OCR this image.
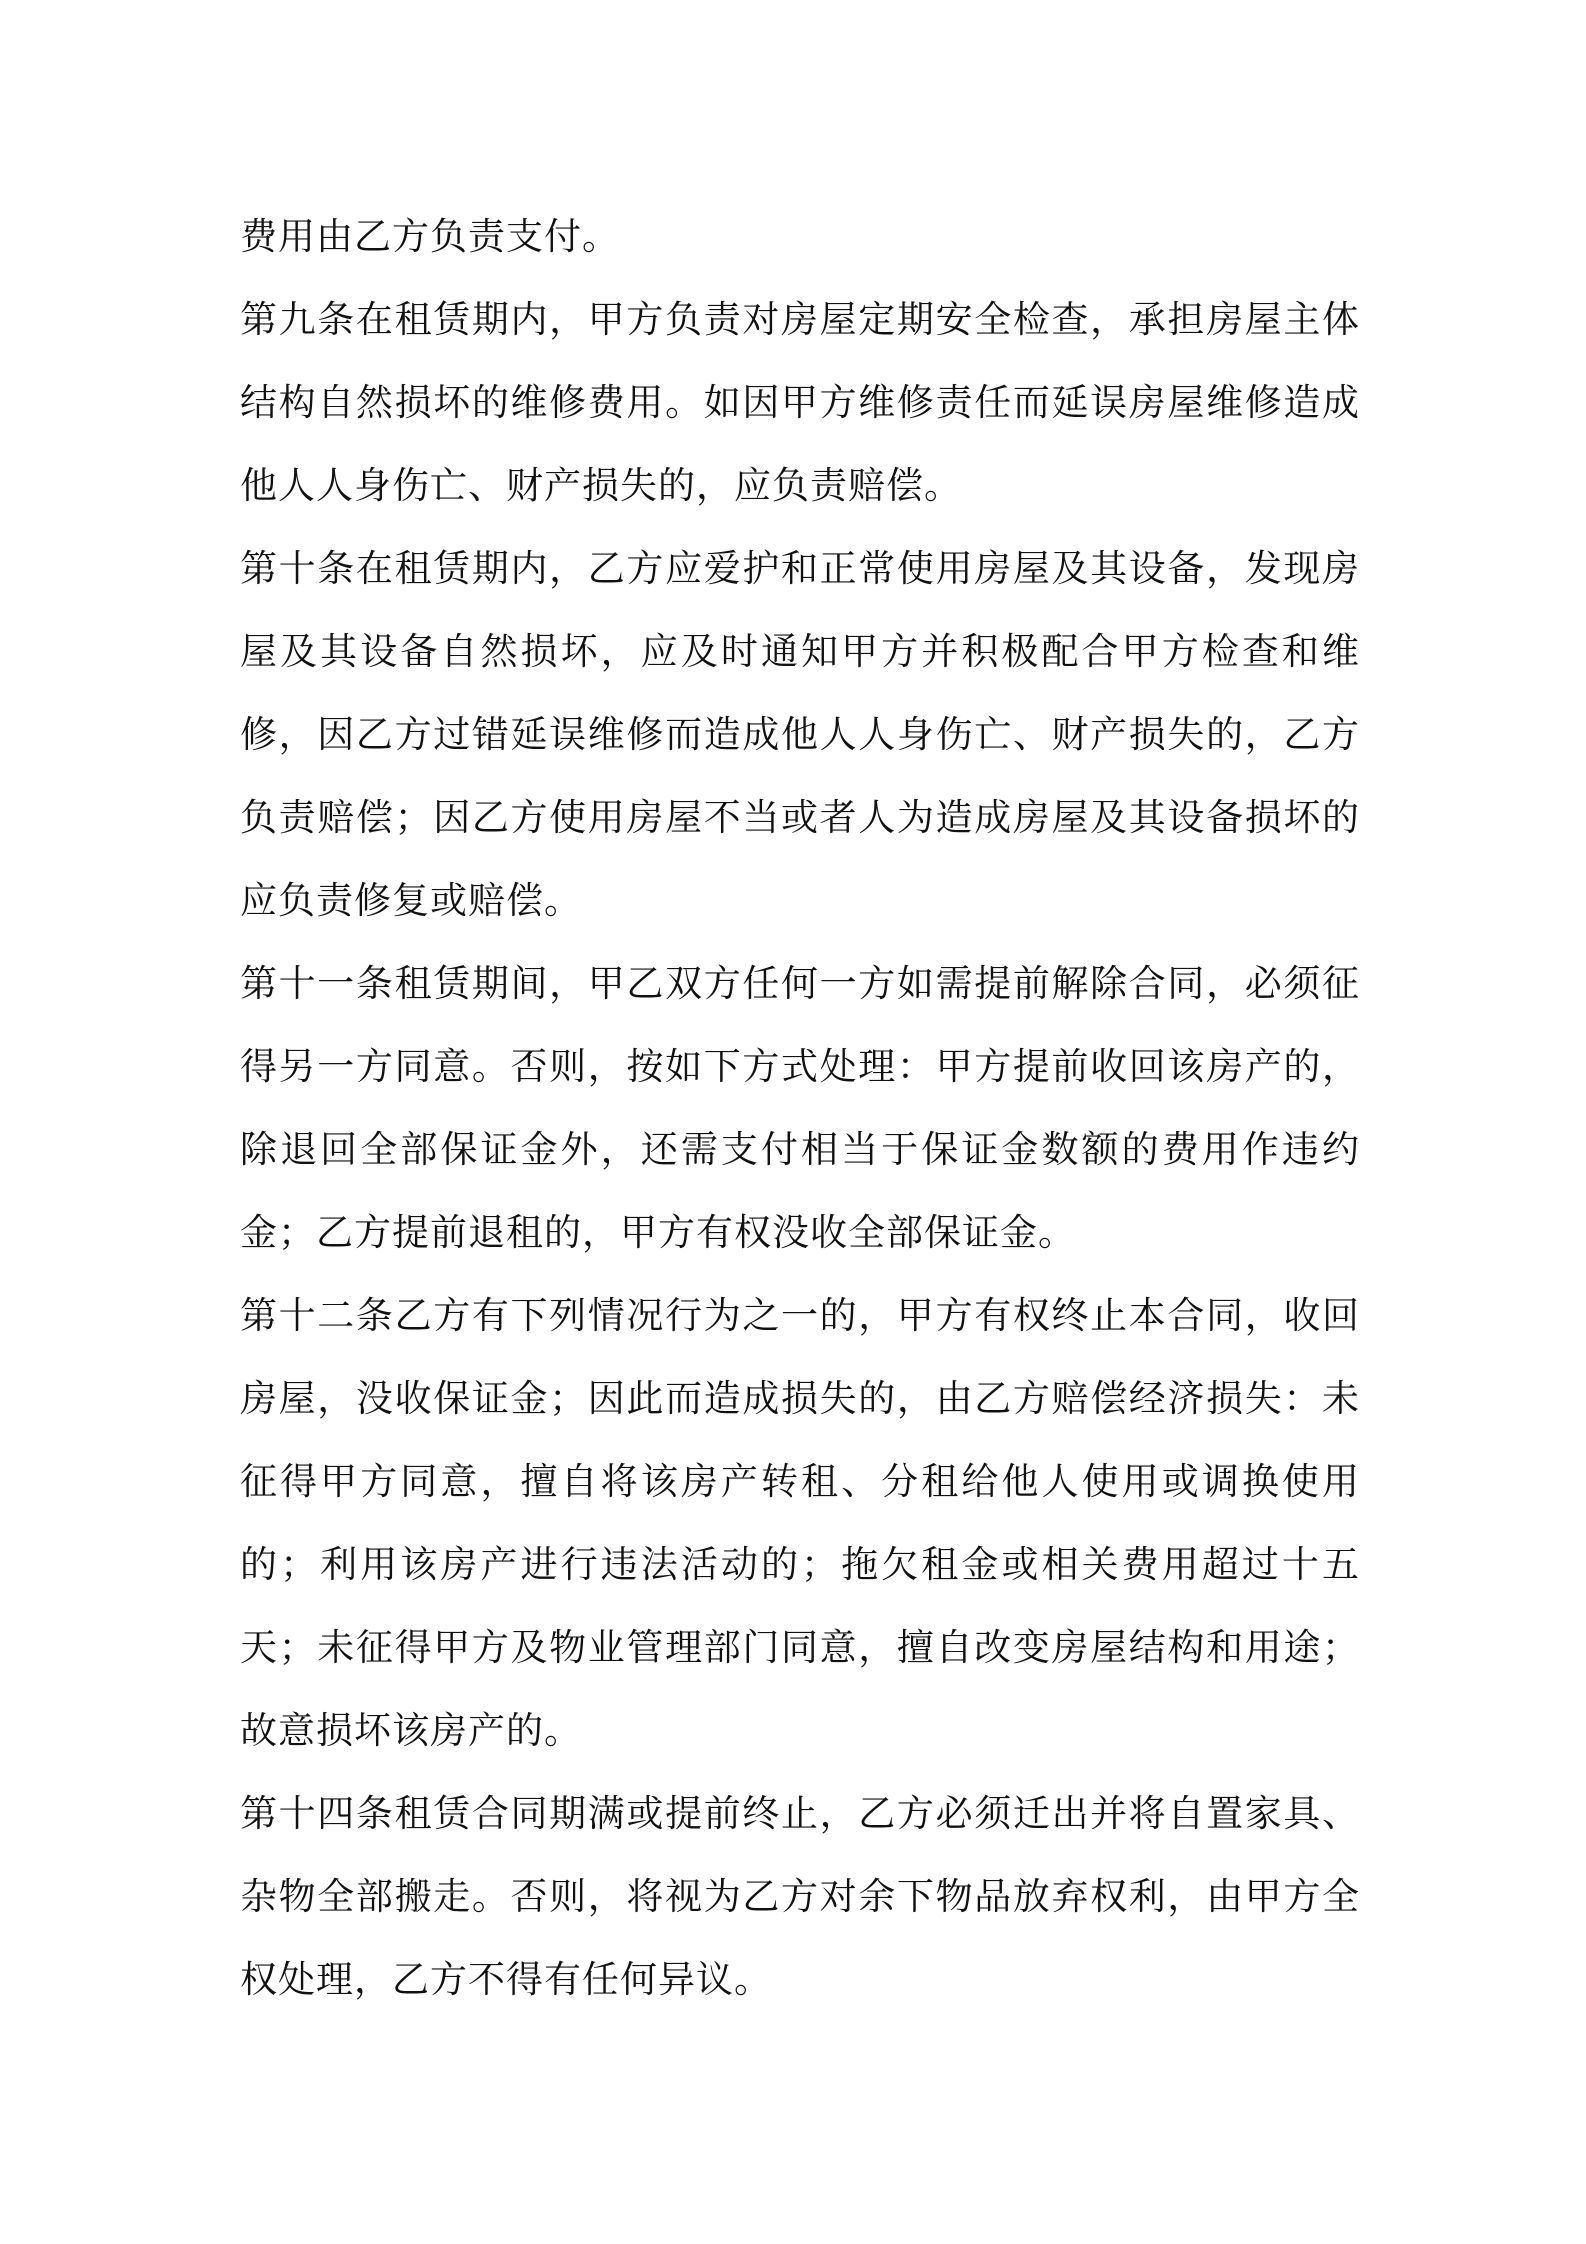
费用由乙方负责支付。

第九条在租赁期内，甲方负责对房屋定期安全检查，承担房屋主体结构自然损坏的维修费用。如因甲方维修责任而延误房屋维修造成他人人身伤亡、财产损失的，应负责赔偿。

第十条在租赁期内，乙方应爱护和正常使用房屋及其设备，发现房屋及其设备自然损坏，应及时通知甲方并积极配合甲方检查和维修，因乙方过错延误维修而造成他人人身伤亡、财产损失的，乙方负责赔偿；因乙方使用房屋不当或者人为造成房屋及其设备损坏的应负责修复或赔偿。

第十一条租赁期间，甲乙双方任何一方如需提前解除合同，必须征得另一方同意。否则，按如下方式处理：甲方提前收回该房产的，除退回全部保证金外，还需支付相当于保证金数额的费用作违约金；乙方提前退租的，甲方有权没收全部保证金。

第十二条乙方有下列情况行为之一的，甲方有权终止本合同，收回房屋，没收保证金；因此而造成损失的，由乙方赔偿经济损失：未征得甲方同意，擅自将该房产转租、分租给他人使用或调换使用的；利用该房产进行违法活动的；拖欠租金或相关费用超过十五天；未征得甲方及物业管理部门同意，擅自改变房屋结构和用途；故意损坏该房产的。

第十四条租赁合同期满或提前终止，乙方必须迁出并将自置家具、杂物全部搬走。否则，将视为乙方对余下物品放弃权利，由甲方全权处理，乙方不得有任何异议。
